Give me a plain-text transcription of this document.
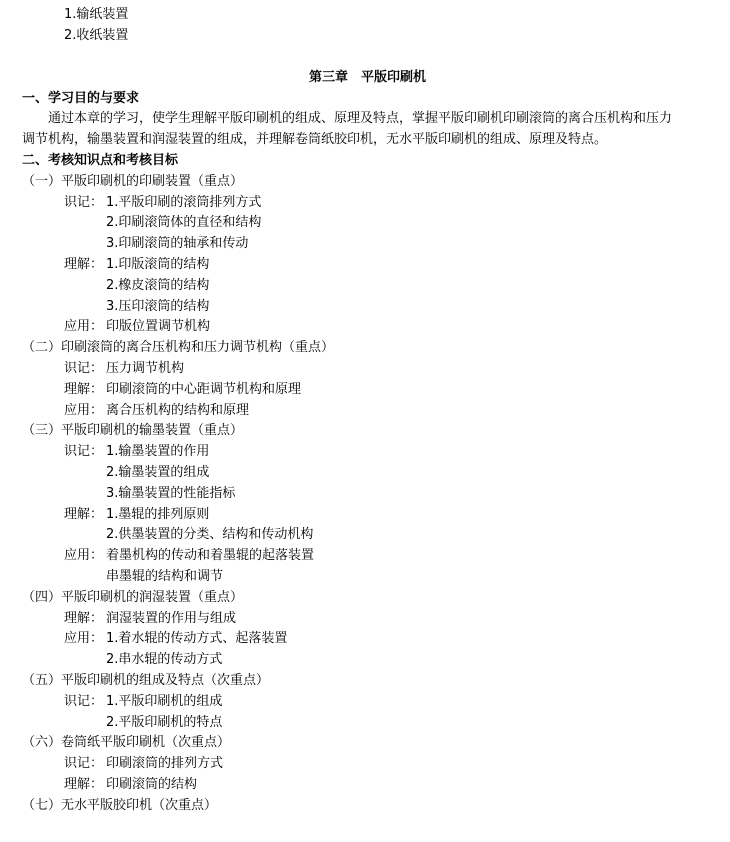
1.输纸装置
2.收纸装置
第三章　平版印刷机
一、学习目的与要求
通过本章的学习，使学生理解平版印刷机的组成、原理及特点，掌握平版印刷机印刷滚筒的离合压机构和压力
调节机构，输墨装置和润湿装置的组成，并理解卷筒纸胶印机，无水平版印刷机的组成、原理及特点。
二、考核知识点和考核目标
（一）平版印刷机的印刷装置（重点）
识记： 1.平版印刷的滚筒排列方式
2.印刷滚筒体的直径和结构
3.印刷滚筒的轴承和传动
理解： 1.印版滚筒的结构
2.橡皮滚筒的结构
3.压印滚筒的结构
应用： 印版位置调节机构
（二）印刷滚筒的离合压机构和压力调节机构（重点）
识记： 压力调节机构
理解： 印刷滚筒的中心距调节机构和原理
应用： 离合压机构的结构和原理
（三）平版印刷机的输墨装置（重点）
识记： 1.输墨装置的作用
2.输墨装置的组成
3.输墨装置的性能指标
理解： 1.墨辊的排列原则
2.供墨装置的分类、结构和传动机构
应用： 着墨机构的传动和着墨辊的起落装置
串墨辊的结构和调节
（四）平版印刷机的润湿装置（重点）
理解： 润湿装置的作用与组成
应用： 1.着水辊的传动方式、起落装置
2.串水辊的传动方式
（五）平版印刷机的组成及特点（次重点）
识记： 1.平版印刷机的组成
2.平版印刷机的特点
（六）卷筒纸平版印刷机（次重点）
识记： 印刷滚筒的排列方式
理解： 印刷滚筒的结构
（七）无水平版胶印机（次重点）
